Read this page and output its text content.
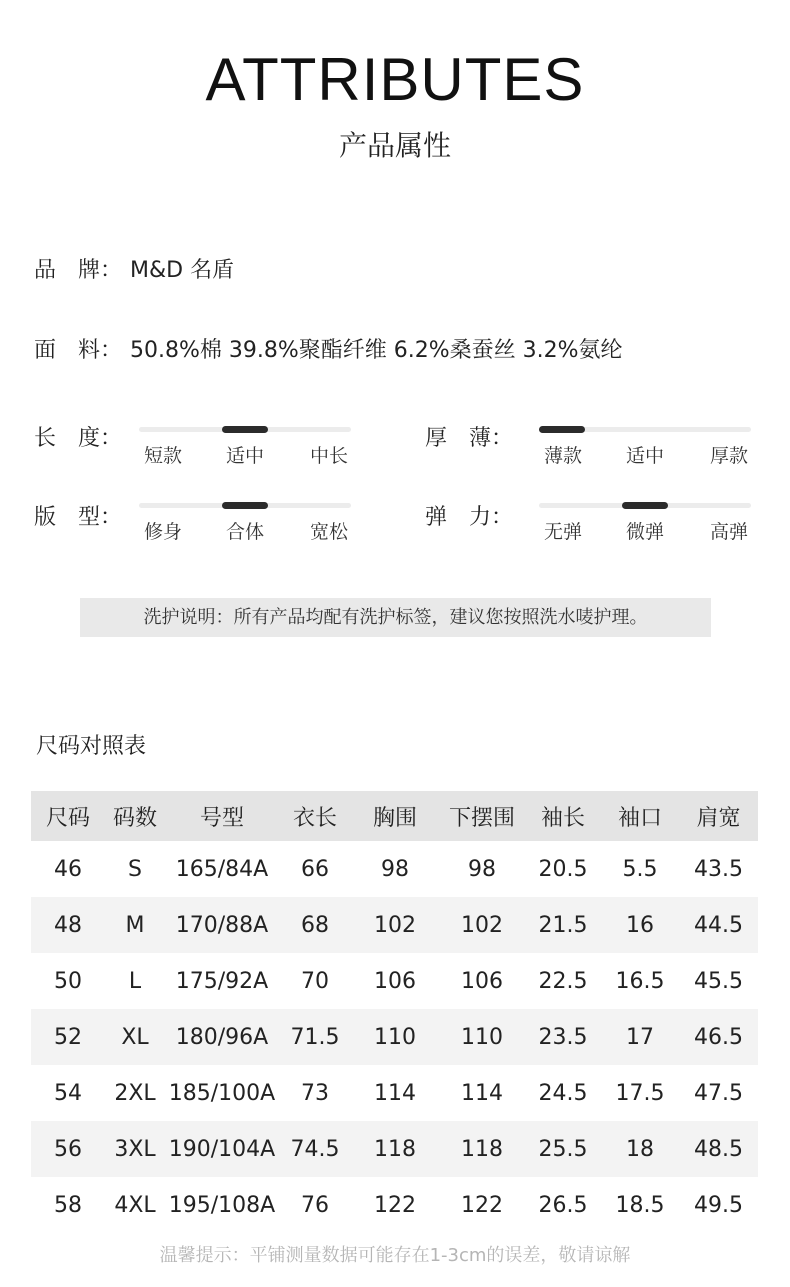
ATTRIBUTES
产品属性
品　牌： M&D 名盾
面　料： 50.8%棉 39.8%聚酯纤维 6.2%桑蚕丝 3.2%氨纶
长　度：
短款	适中	中长
厚　薄：
薄款	适中	厚款
版　型：
修身	合体	宽松
弹　力：
无弹	微弹	高弹
洗护说明：所有产品均配有洗护标签，建议您按照洗水唛护理。
尺码对照表
尺码	码数	号型	衣长	胸围	下摆围	袖长	袖口	肩宽
46	S	165/84A	66	98	98	20.5	5.5	43.5
48	M	170/88A	68	102	102	21.5	16	44.5
50	L	175/92A	70	106	106	22.5	16.5	45.5
52	XL	180/96A	71.5	110	110	23.5	17	46.5
54	2XL	185/100A	73	114	114	24.5	17.5	47.5
56	3XL	190/104A	74.5	118	118	25.5	18	48.5
58	4XL	195/108A	76	122	122	26.5	18.5	49.5
温馨提示：平铺测量数据可能存在1-3cm的误差，敬请谅解
